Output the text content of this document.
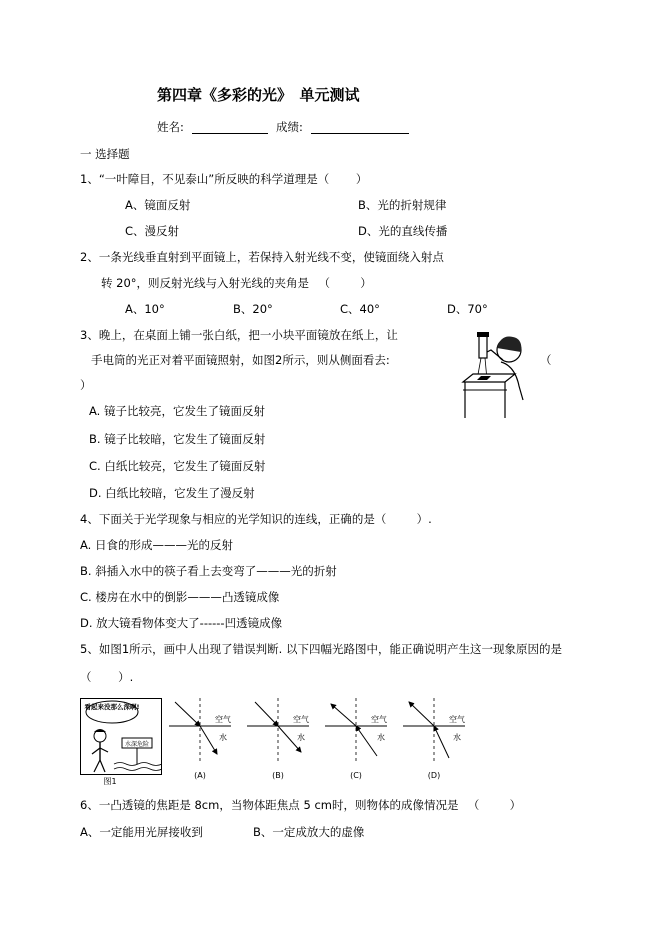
第四章《多彩的光》　单元测试
姓名:	成绩:
一 选择题
1、“一叶障目，不见泰山”所反映的科学道理是（ 　　）
A、镜面反射	B、光的折射规律
C、漫反射	D、光的直线传播
2、一条光线垂直射到平面镜上，若保持入射光线不变，使镜面绕入射点
转 20°，则反射光线与入射光线的夹角是 　（ 　　 ）
A、10°	B、20°	C、40°	D、70°
3、晚上，在桌面上铺一张白纸，把一小块平面镜放在纸上，让
手电筒的光正对着平面镜照射，如图2所示，则从侧面看去:	（
）
A. 镜子比较亮，它发生了镜面反射
B. 镜子比较暗，它发生了镜面反射
C. 白纸比较亮，它发生了镜面反射
D. 白纸比较暗，它发生了漫反射
4、下面关于光学现象与相应的光学知识的连线，正确的是（ 　　 ）.
A. 日食的形成———光的反射
B. 斜插入水中的筷子看上去变弯了———光的折射
C. 楼房在水中的倒影———凸透镜成像
D. 放大镜看物体变大了------凹透镜成像
5、如图1所示，画中人出现了错误判断. 以下四幅光路图中，能正确说明产生这一现象原因的是
（ 　　）.
看起来没那么深啊!
水深危险
图1
空气
水
(A)
空气
水
(B)
空气
水
(C)
空气
水
(D)
6、一凸透镜的焦距是 8cm，当物体距焦点 5 cm时，则物体的成像情况是 　（ 　　 ）
A、一定能用光屏接收到	B、一定成放大的虚像
